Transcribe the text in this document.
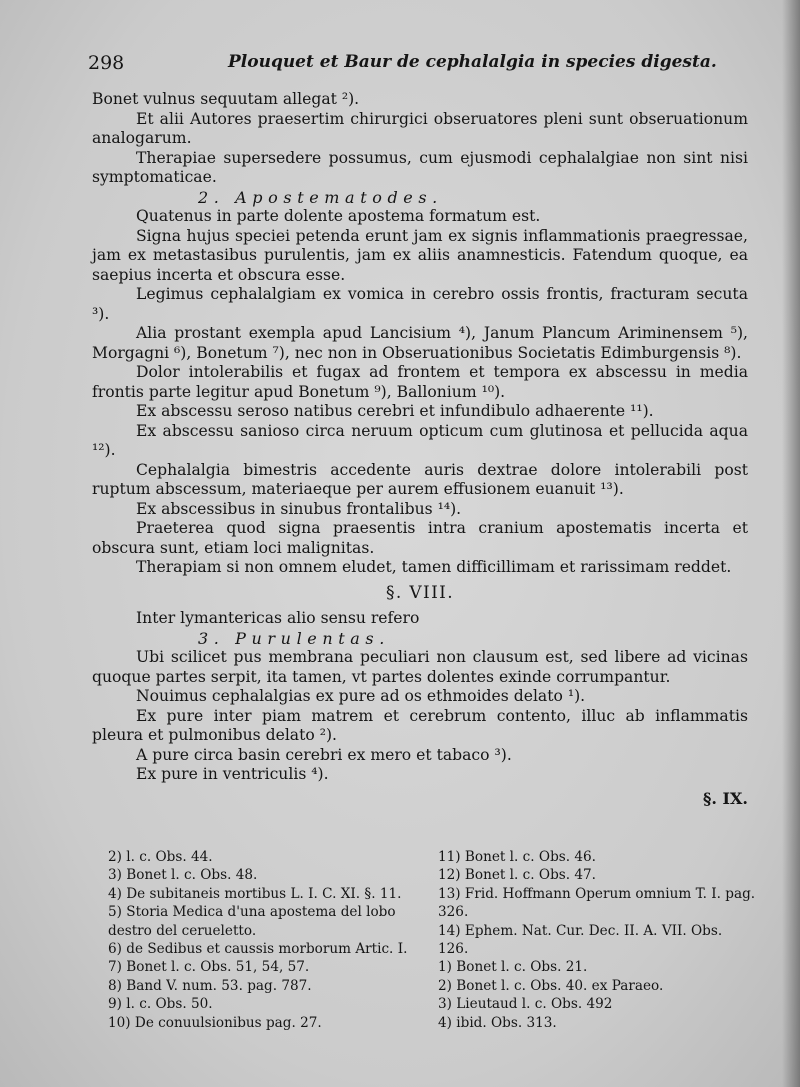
298	Plouquet et Baur de cephalalgia in species digesta.

Bonet vulnus sequutam allegat ²).

Et alii Autores praesertim chirurgici obseruatores pleni sunt obseruationum analogarum.

Therapiae supersedere possumus, cum ejusmodi cephalalgiae non sint nisi symptomaticae.

2. Apostematodes.

Quatenus in parte dolente apostema formatum est.

Signa hujus speciei petenda erunt jam ex signis inflammationis praegressae, jam ex metastasibus purulentis, jam ex aliis anamnesticis. Fatendum quoque, ea saepius incerta et obscura esse.

Legimus cephalalgiam ex vomica in cerebro ossis frontis, fracturam secuta ³).

Alia prostant exempla apud Lancisium ⁴), Janum Plancum Ariminensem ⁵), Morgagni ⁶), Bonetum ⁷), nec non in Obseruationibus Societatis Edimburgensis ⁸).

Dolor intolerabilis et fugax ad frontem et tempora ex abscessu in media frontis parte legitur apud Bonetum ⁹), Ballonium ¹⁰).

Ex abscessu seroso natibus cerebri et infundibulo adhaerente ¹¹).

Ex abscessu sanioso circa neruum opticum cum glutinosa et pellucida aqua ¹²).

Cephalalgia bimestris accedente auris dextrae dolore intolerabili post ruptum abscessum, materiaeque per aurem effusionem euanuit ¹³).

Ex abscessibus in sinubus frontalibus ¹⁴).

Praeterea quod signa praesentis intra cranium apostematis incerta et obscura sunt, etiam loci malignitas.

Therapiam si non omnem eludet, tamen difficillimam et rarissimam reddet.

§. VIII.

Inter lymantericas alio sensu refero

3. Purulentas.

Ubi scilicet pus membrana peculiari non clausum est, sed libere ad vicinas quoque partes serpit, ita tamen, vt partes dolentes exinde corrumpantur.

Nouimus cephalalgias ex pure ad os ethmoides delato ¹).

Ex pure inter piam matrem et cerebrum contento, illuc ab inflammatis pleura et pulmonibus delato ²).

A pure circa basin cerebri ex mero et tabaco ³).

Ex pure in ventriculis ⁴).

§. IX.

2) l. c. Obs. 44.

3) Bonet l. c. Obs. 48.

4) De subitaneis mortibus L. I. C. XI. §. 11.

5) Storia Medica d'una apostema del lobo destro del cerueletto.

6) de Sedibus et caussis morborum Artic. I.

7) Bonet l. c. Obs. 51, 54, 57.

8) Band V. num. 53. pag. 787.

9) l. c. Obs. 50.

10) De conuulsionibus pag. 27.

11) Bonet l. c. Obs. 46.

12) Bonet l. c. Obs. 47.

13) Frid. Hoffmann Operum omnium T. I. pag. 326.

14) Ephem. Nat. Cur. Dec. II. A. VII. Obs. 126.

1) Bonet l. c. Obs. 21.

2) Bonet l. c. Obs. 40. ex Paraeo.

3) Lieutaud l. c. Obs. 492

4) ibid. Obs. 313.
